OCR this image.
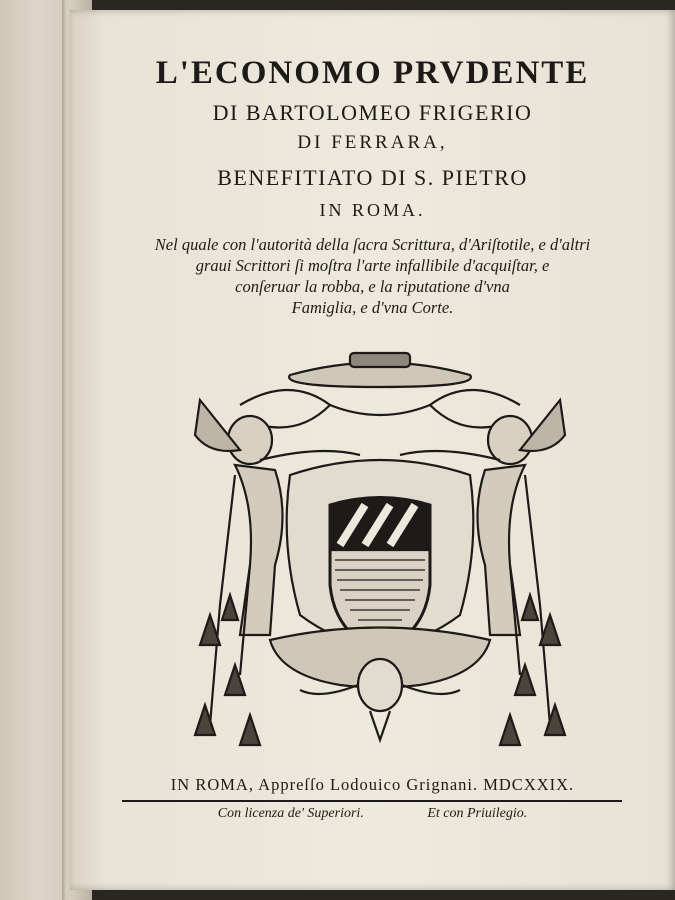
L'ECONOMO PRVDENTE
DI BARTOLOMEO FRIGERIO
DI FERRARA,
BENEFITIATO DI S. PIETRO
IN ROMA.
Nel quale con l'autorità della ſacra Scrittura, d'Ariſtotile, e d'altri
graui Scrittori ſi moſtra l'arte infallibile d'acquiſtar, e
conſeruar la robba, e la riputatione d'vna
Famiglia, e d'vna Corte.
IN ROMA, Appreſſo Lodouico Grignani. MDCXXIX.
Con licenza de' Superiori.	Et con Priuilegio.
